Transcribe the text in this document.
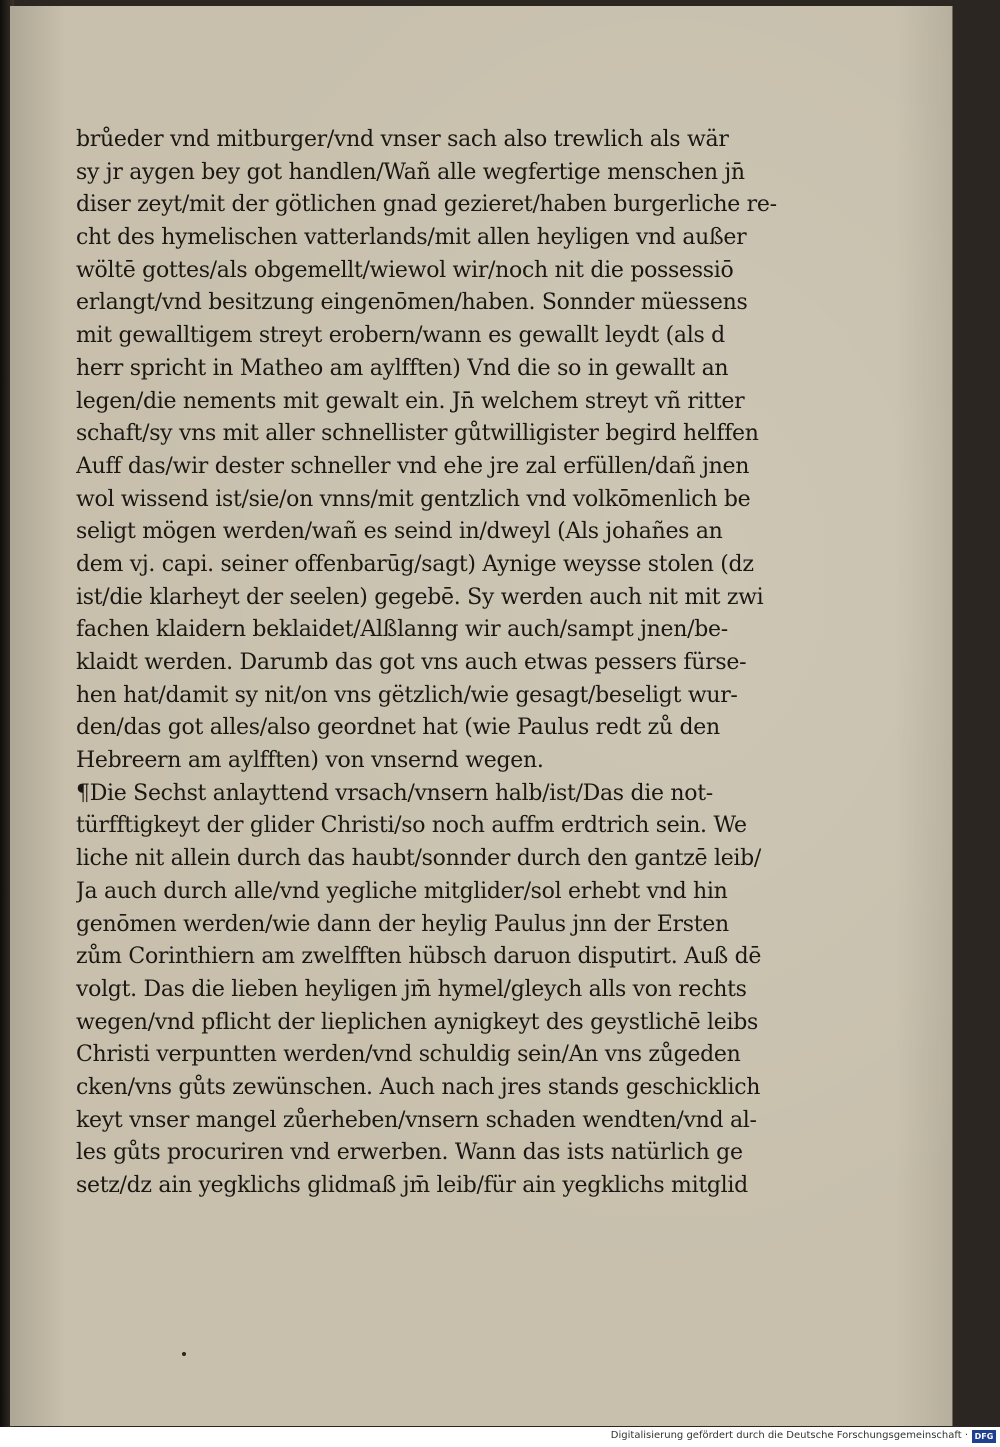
brůeder vnd mitburger/vnd vnser sach also trewlich als wär
sy jr aygen bey got handlen/Wañ alle wegfertige menschen jn̄
diser zeyt/mit der götlichen gnad gezieret/haben burgerliche re-
cht des hymelischen vatterlands/mit allen heyligen vnd außer
wöltē gottes/als obgemellt/wiewol wir/noch nit die possessiō
erlangt/vnd besitzung eingenōmen/haben. Sonnder müessens
mit gewalltigem streyt erobern/wann es gewallt leydt (als d
herr spricht in Matheo am aylfften) Vnd die so in gewallt an
legen/die nements mit gewalt ein. Jn̄ welchem streyt vñ ritter
schaft/sy vns mit aller schnellister gůtwilligister begird helffen
Auff das/wir dester schneller vnd ehe jre zal erfüllen/dañ jnen
wol wissend ist/sie/on vnns/mit gentzlich vnd volkōmenlich be
seligt mögen werden/wañ es seind in/dweyl (Als johañes an
dem vj. capi. seiner offenbarūg/sagt) Aynige weysse stolen (dz
ist/die klarheyt der seelen) gegebē. Sy werden auch nit mit zwi
fachen klaidern beklaidet/Alßlanng wir auch/sampt jnen/be-
klaidt werden. Darumb das got vns auch etwas pessers fürse-
hen hat/damit sy nit/on vns gëtzlich/wie gesagt/beseligt wur-
den/das got alles/also geordnet hat (wie Paulus redt zů den
Hebreern am aylfften) von vnsernd wegen.
¶Die Sechst anlayttend vrsach/vnsern halb/ist/Das die not-
türfftigkeyt der glider Christi/so noch auffm erdtrich sein. We
liche nit allein durch das haubt/sonnder durch den gantzē leib/
Ja auch durch alle/vnd yegliche mitglider/sol erhebt vnd hin
genōmen werden/wie dann der heylig Paulus jnn der Ersten
zům Corinthiern am zwelfften hübsch daruon disputirt. Auß dē
volgt. Das die lieben heyligen jm̄ hymel/gleych alls von rechts
wegen/vnd pflicht der lieplichen aynigkeyt des geystlichē leibs
Christi verpuntten werden/vnd schuldig sein/An vns zůgeden
cken/vns gůts zewünschen. Auch nach jres stands geschicklich
keyt vnser mangel zůerheben/vnsern schaden wendten/vnd al-
les gůts procuriren vnd erwerben. Wann das ists natürlich ge
setz/dz ain yegklichs glidmaß jm̄ leib/für ain yegklichs mitglid
Digitalisierung gefördert durch die Deutsche Forschungsgemeinschaft · DFG
